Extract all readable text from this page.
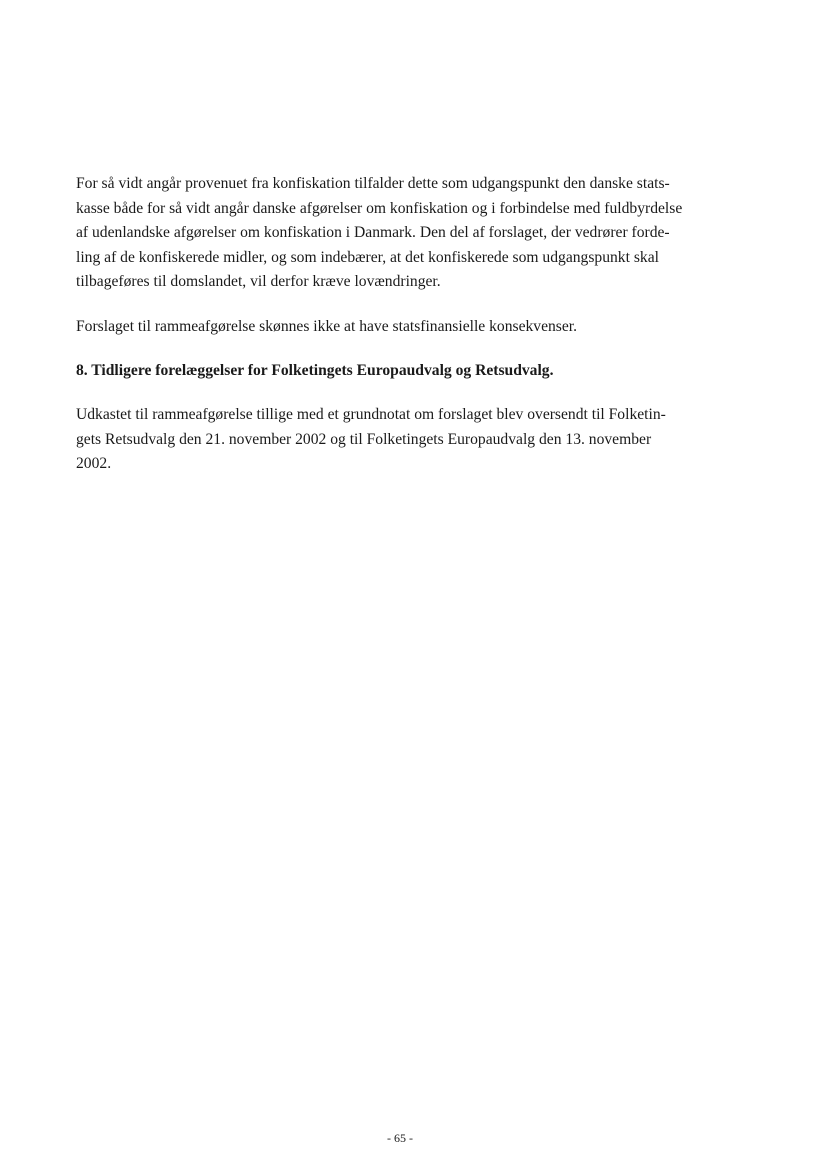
For så vidt angår provenuet fra konfiskation tilfalder dette som udgangspunkt den danske stats-
kasse både for så vidt angår danske afgørelser om konfiskation og i forbindelse med fuldbyrdelse
af udenlandske afgørelser om konfiskation i Danmark. Den del af forslaget, der vedrører forde-
ling af de konfiskerede midler, og som indebærer, at det konfiskerede som udgangspunkt skal
tilbageføres til domslandet, vil derfor kræve lovændringer.

Forslaget til rammeafgørelse skønnes ikke at have statsfinansielle konsekvenser.

8. Tidligere forelæggelser for Folketingets Europaudvalg og Retsudvalg.

Udkastet til rammeafgørelse tillige med et grundnotat om forslaget blev oversendt til Folketin-
gets Retsudvalg den 21. november 2002 og til Folketingets Europaudvalg den 13. november
2002.

- 65 -
